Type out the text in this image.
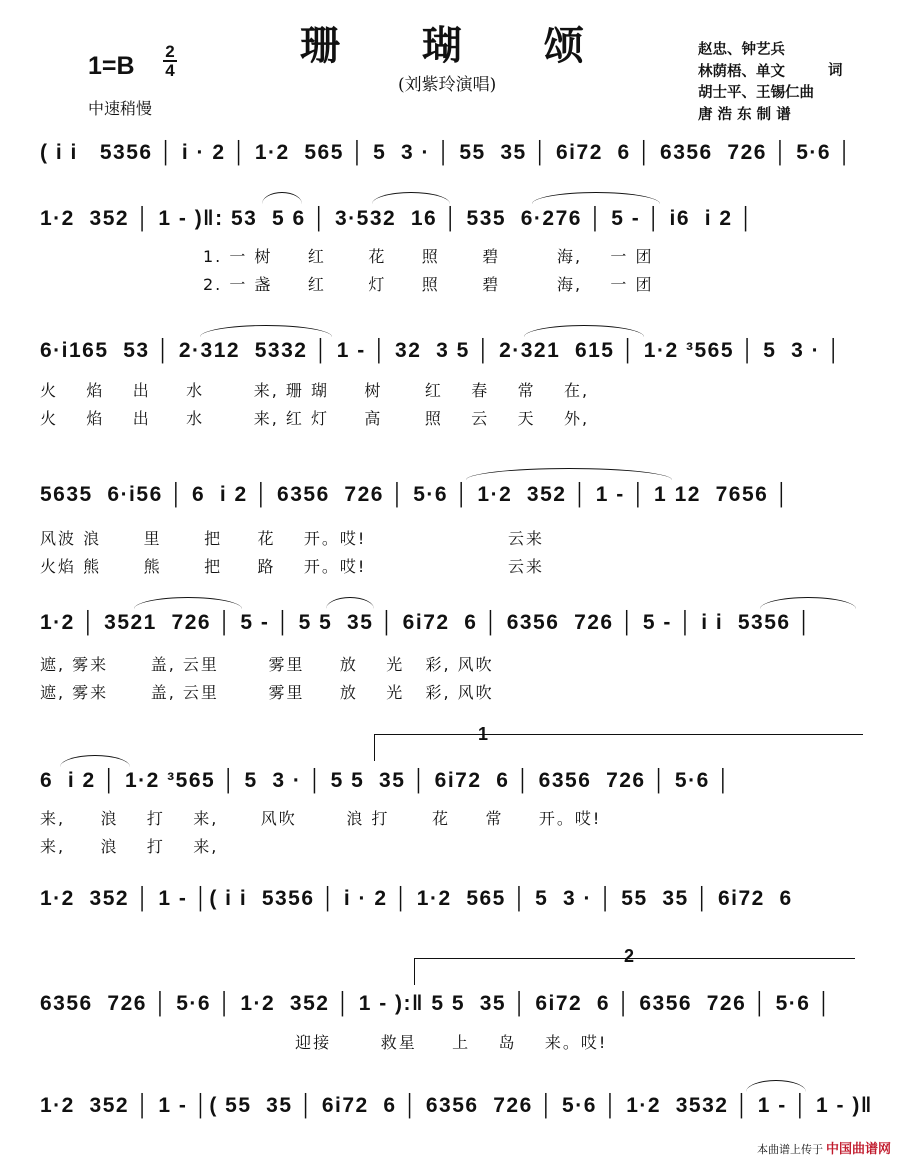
珊 瑚 颂
(刘紫玲演唱)
1=B
2
4
中速稍慢
赵忠、钟艺兵
林荫梧、单文	词
胡士平、王锡仁曲
唐 浩 东 制 谱
( i i   5356 │ i · 2 │ 1·2  565 │ 5  3 · │ 55  35 │ 6i72  6 │ 6356  726 │ 5·6 │
1·2  352 │ 1 - )‖: 53  5 6 │ 3·532  16 │ 535  6·276 │ 5 - │ i6  i 2 │
1. 一 树     红      花     照      碧        海,    一 团
2. 一 盏     红      灯     照      碧        海,    一 团
6·i165  53 │ 2·312  5332 │ 1 - │ 32  3 5 │ 2·321  615 │ 1·2 ³565 │ 5  3 · │
火    焰    出     水       来, 珊 瑚     树      红    春    常    在,
火    焰    出     水       来, 红 灯     高      照    云    天    外,
5635  6·i56 │ 6  i 2 │ 6356  726 │ 5·6 │ 1·2  352 │ 1 - │ 1 12  7656 │
风波 浪      里      把     花    开。哎!                    云来
火焰 熊      熊      把     路    开。哎!                    云来
1·2 │ 3521  726 │ 5 - │ 5 5  35 │ 6i72  6 │ 6356  726 │ 5 - │ i i  5356 │
遮, 雾来      盖, 云里       雾里     放    光   彩, 风吹
遮, 雾来      盖, 云里       雾里     放    光   彩, 风吹
1
6  i 2 │ 1·2 ³565 │ 5  3 · │ 5 5  35 │ 6i72  6 │ 6356  726 │ 5·6 │
来,     浪    打    来,      风吹       浪 打      花     常     开。哎!
来,     浪    打    来,
1·2  352 │ 1 - │( i i  5356 │ i · 2 │ 1·2  565 │ 5  3 · │ 55  35 │ 6i72  6
2
6356  726 │ 5·6 │ 1·2  352 │ 1 - ):‖ 5 5  35 │ 6i72  6 │ 6356  726 │ 5·6 │
迎接       救星     上    岛    来。哎!
1·2  352 │ 1 - │( 55  35 │ 6i72  6 │ 6356  726 │ 5·6 │ 1·2  3532 │ 1 - │ 1 - )‖
本曲谱上传于 中国曲谱网
